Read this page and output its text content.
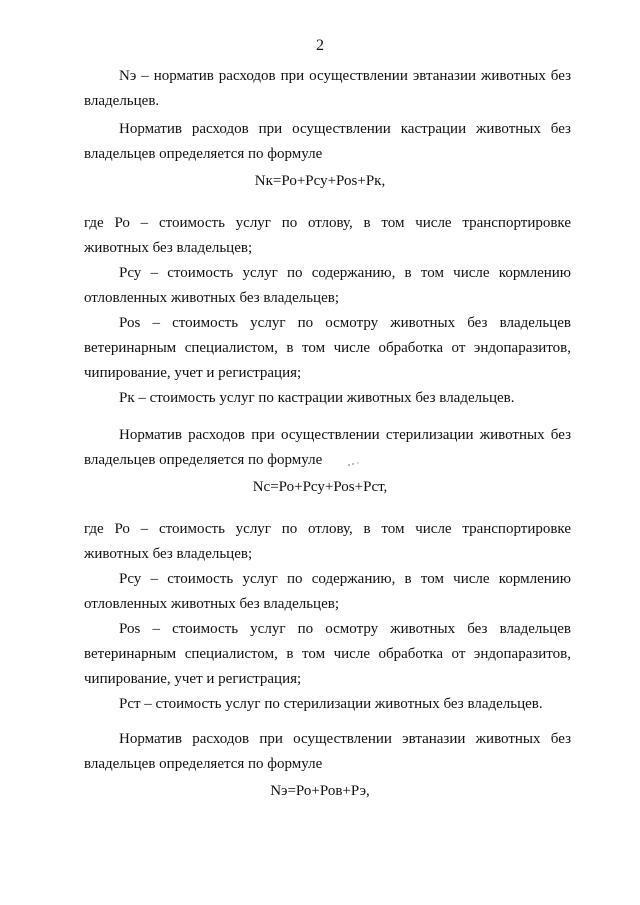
2
Nэ – норматив расходов при осуществлении эвтаназии животных без
владельцев.
Норматив расходов при осуществлении кастрации животных без
владельцев определяется по формуле
Nк=Ро+Рсу+Роs+Рк,
где Ро – стоимость услуг по отлову, в том числе транспортировке
животных без владельцев;
Рсу – стоимость услуг по содержанию, в том числе кормлению
отловленных животных без владельцев;
Роs – стоимость услуг по осмотру животных без владельцев
ветеринарным специалистом, в том числе обработка от эндопаразитов,
чипирование, учет и регистрация;
Рк – стоимость услуг по кастрации животных без владельцев.
Норматив расходов при осуществлении стерилизации животных без
владельцев определяется по формуле
Nс=Ро+Рсу+Роs+Рст,
где Ро – стоимость услуг по отлову, в том числе транспортировке
животных без владельцев;
Рсу – стоимость услуг по содержанию, в том числе кормлению
отловленных животных без владельцев;
Роs – стоимость услуг по осмотру животных без владельцев
ветеринарным специалистом, в том числе обработка от эндопаразитов,
чипирование, учет и регистрация;
Рст – стоимость услуг по стерилизации животных без владельцев.
Норматив расходов при осуществлении эвтаназии животных без
владельцев определяется по формуле
Nэ=Ро+Ров+Рэ,
